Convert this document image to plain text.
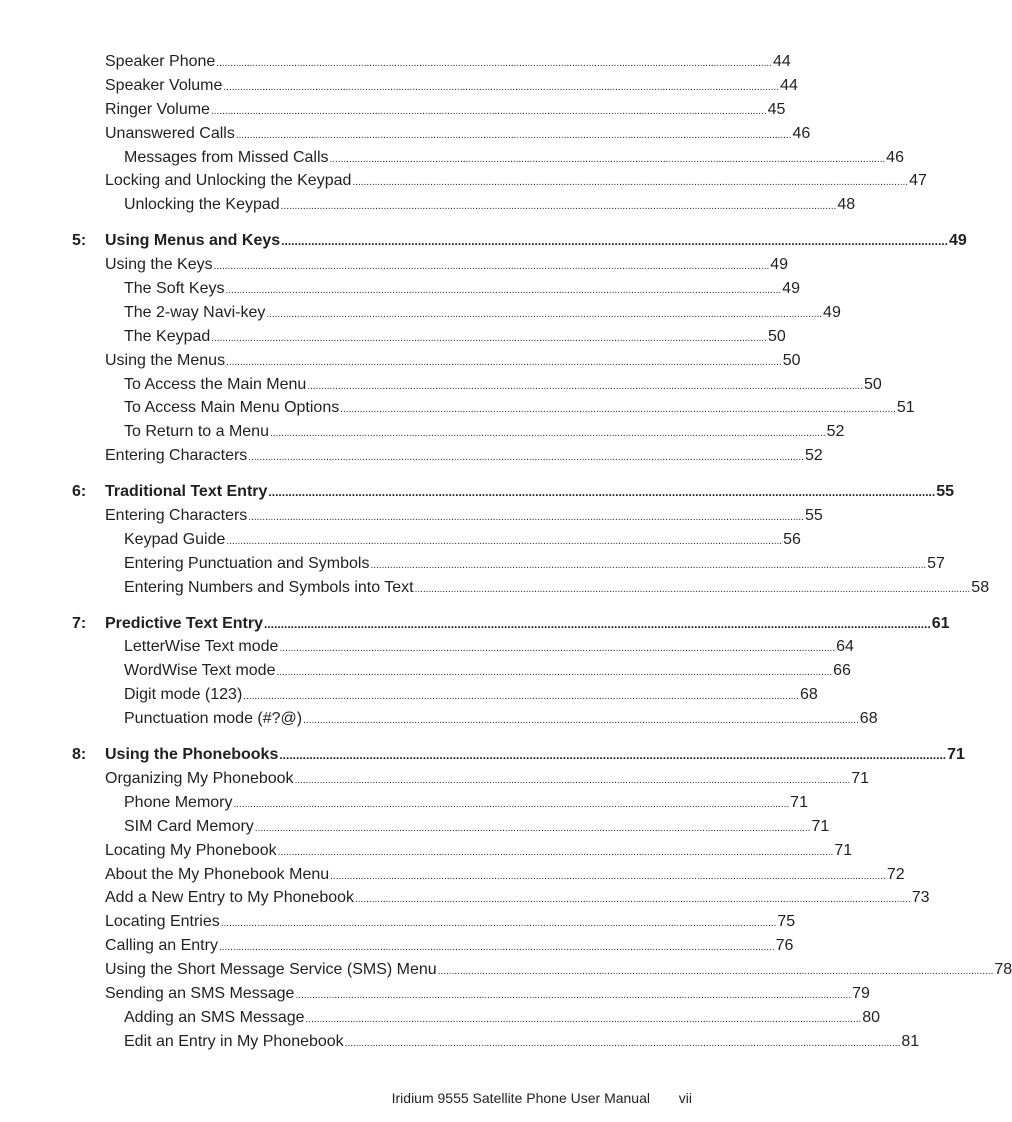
Speaker Phone ........................................................................................................................................................................................................ 44
Speaker Volume ........................................................................................................................................................................................................ 44
Ringer Volume ........................................................................................................................................................................................................ 45
Unanswered Calls ........................................................................................................................................................................................................ 46
Messages from Missed Calls ........................................................................................................................................................................................................ 46
Locking and Unlocking the Keypad ........................................................................................................................................................................................................ 47
Unlocking the Keypad ........................................................................................................................................................................................................ 48
5: Using Menus and Keys ........................................................................................................................................................................................................ 49
Using the Keys ........................................................................................................................................................................................................ 49
The Soft Keys ........................................................................................................................................................................................................ 49
The 2-way Navi-key ........................................................................................................................................................................................................ 49
The Keypad ........................................................................................................................................................................................................ 50
Using the Menus ........................................................................................................................................................................................................ 50
To Access the Main Menu ........................................................................................................................................................................................................ 50
To Access Main Menu Options ........................................................................................................................................................................................................ 51
To Return to a Menu ........................................................................................................................................................................................................ 52
Entering Characters ........................................................................................................................................................................................................ 52
6: Traditional Text Entry ........................................................................................................................................................................................................ 55
Entering Characters ........................................................................................................................................................................................................ 55
Keypad Guide ........................................................................................................................................................................................................ 56
Entering Punctuation and Symbols ........................................................................................................................................................................................................ 57
Entering Numbers and Symbols into Text ........................................................................................................................................................................................................ 58
7: Predictive Text Entry ........................................................................................................................................................................................................ 61
LetterWise Text mode ........................................................................................................................................................................................................ 64
WordWise Text mode ........................................................................................................................................................................................................ 66
Digit mode (123) ........................................................................................................................................................................................................ 68
Punctuation mode (#?@) ........................................................................................................................................................................................................ 68
8: Using the Phonebooks ........................................................................................................................................................................................................ 71
Organizing My Phonebook ........................................................................................................................................................................................................ 71
Phone Memory ........................................................................................................................................................................................................ 71
SIM Card Memory ........................................................................................................................................................................................................ 71
Locating My Phonebook ........................................................................................................................................................................................................ 71
About the My Phonebook Menu ........................................................................................................................................................................................................ 72
Add a New Entry to My Phonebook ........................................................................................................................................................................................................ 73
Locating Entries ........................................................................................................................................................................................................ 75
Calling an Entry ........................................................................................................................................................................................................ 76
Using the Short Message Service (SMS) Menu ........................................................................................................................................................................................................ 78
Sending an SMS Message ........................................................................................................................................................................................................ 79
Adding an SMS Message ........................................................................................................................................................................................................ 80
Edit an Entry in My Phonebook ........................................................................................................................................................................................................ 81
Iridium 9555 Satellite Phone User Manual vii
